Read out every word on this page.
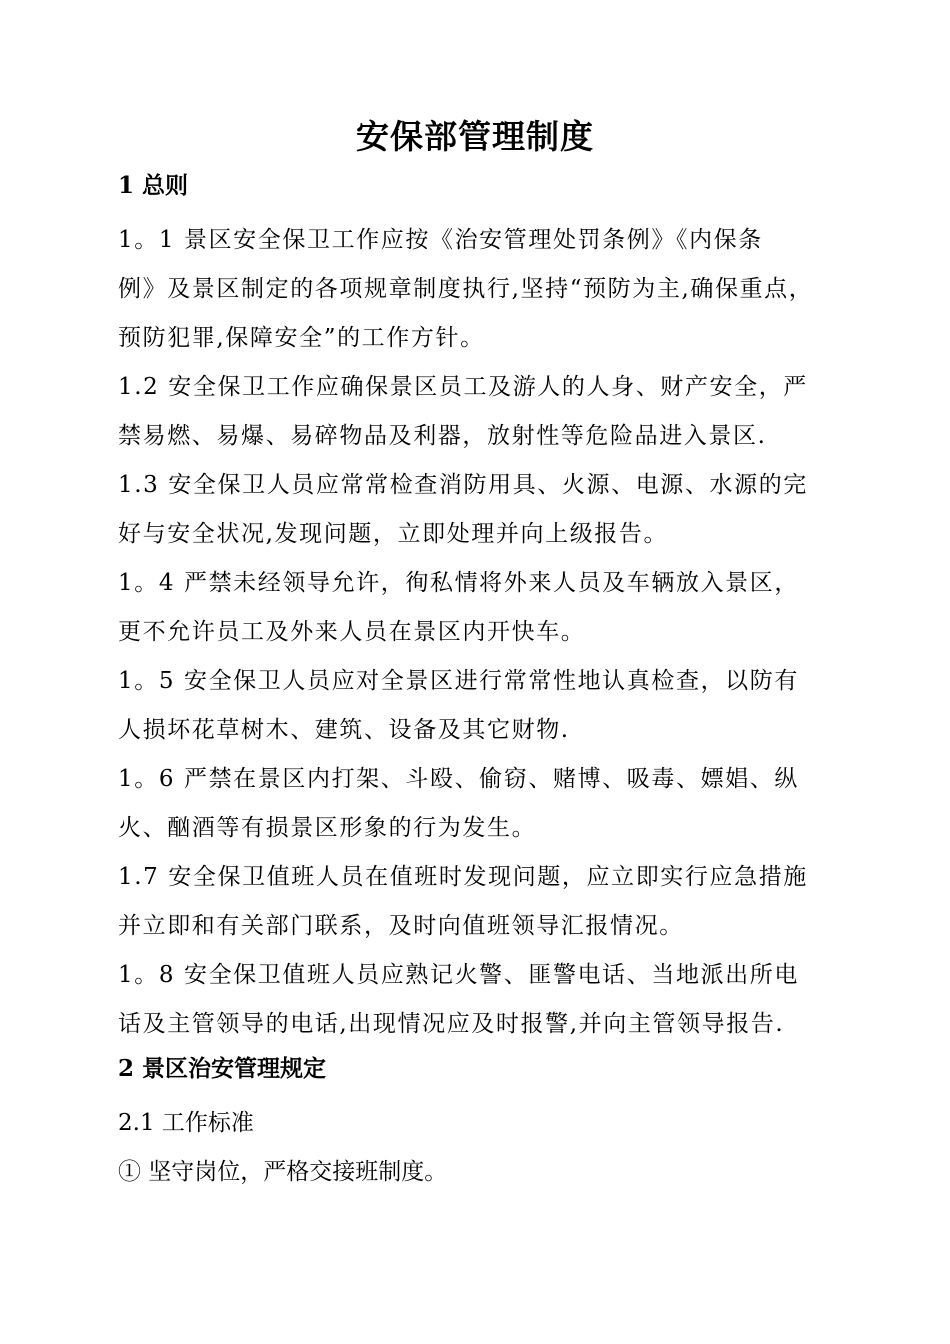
安保部管理制度
1 总则

1。1 景区安全保卫工作应按《治安管理处罚条例》《内保条
例》及景区制定的各项规章制度执行,坚持“预防为主,确保重点，
预防犯罪,保障安全”的工作方针。

1.2 安全保卫工作应确保景区员工及游人的人身、财产安全，严
禁易燃、易爆、易碎物品及利器，放射性等危险品进入景区.

1.3 安全保卫人员应常常检查消防用具、火源、电源、水源的完
好与安全状况,发现问题，立即处理并向上级报告。

1。4 严禁未经领导允许，徇私情将外来人员及车辆放入景区，
更不允许员工及外来人员在景区内开快车。

1。5 安全保卫人员应对全景区进行常常性地认真检查，以防有
人损坏花草树木、建筑、设备及其它财物.

1。6 严禁在景区内打架、斗殴、偷窃、赌博、吸毒、嫖娼、纵
火、酗酒等有损景区形象的行为发生。

1.7 安全保卫值班人员在值班时发现问题，应立即实行应急措施
并立即和有关部门联系，及时向值班领导汇报情况。

1。8 安全保卫值班人员应熟记火警、匪警电话、当地派出所电
话及主管领导的电话,出现情况应及时报警,并向主管领导报告.

2 景区治安管理规定

2.1 工作标准

① 坚守岗位，严格交接班制度。
